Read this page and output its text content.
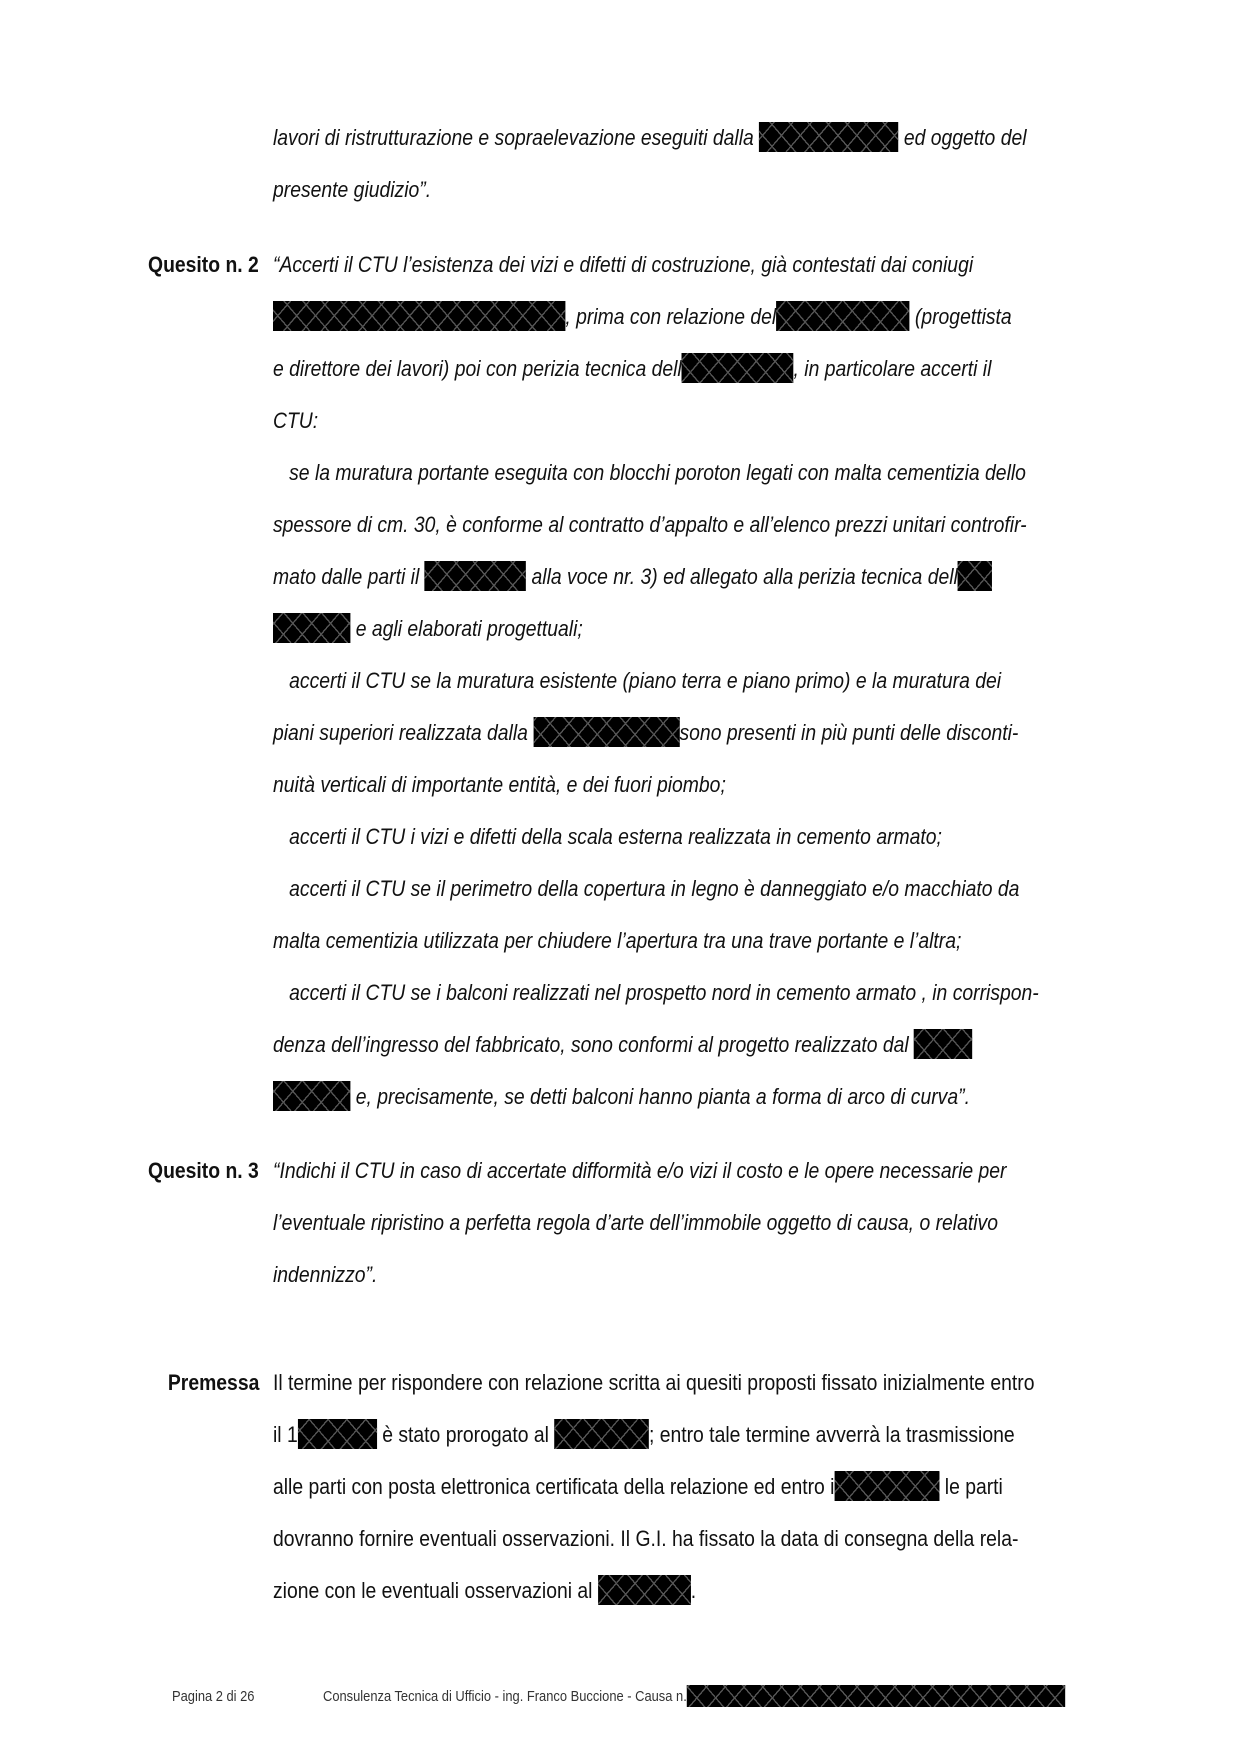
lavori di ristrutturazione e sopraelevazione eseguiti dalla	ed oggetto del
presente giudizio”.
Quesito n. 2 “Accerti il CTU l’esistenza dei vizi e difetti di costruzione, già contestati dai coniugi
, prima con relazione del	(progettista
e direttore dei lavori) poi con perizia tecnica dell	, in particolare accerti il
CTU:
se la muratura portante eseguita con blocchi poroton legati con malta cementizia dello
spessore di cm. 30, è conforme al contratto d’appalto e all’elenco prezzi unitari controfir-
mato dalle parti il	alla voce nr. 3) ed allegato alla perizia tecnica dell
e agli elaborati progettuali;
accerti il CTU se la muratura esistente (piano terra e piano primo) e la muratura dei
piani superiori realizzata dalla	sono presenti in più punti delle disconti-
nuità verticali di importante entità, e dei fuori piombo;
accerti il CTU i vizi e difetti della scala esterna realizzata in cemento armato;
accerti il CTU se il perimetro della copertura in legno è danneggiato e/o macchiato da
malta cementizia utilizzata per chiudere l’apertura tra una trave portante e l’altra;
accerti il CTU se i balconi realizzati nel prospetto nord in cemento armato , in corrispon-
denza dell’ingresso del fabbricato, sono conformi al progetto realizzato dal
e, precisamente, se detti balconi hanno pianta a forma di arco di curva”.
Quesito n. 3 “Indichi il CTU in caso di accertate difformità e/o vizi il costo e le opere necessarie per
l’eventuale ripristino a perfetta regola d’arte dell’immobile oggetto di causa, o relativo
indennizzo”.
Premessa Il termine per rispondere con relazione scritta ai quesiti proposti fissato inizialmente entro
il 1	è stato prorogato al	; entro tale termine avverrà la trasmissione
alle parti con posta elettronica certificata della relazione ed entro i	le parti
dovranno fornire eventuali osservazioni. Il G.I. ha fissato la data di consegna della rela-
zione con le eventuali osservazioni al	.
Pagina 2 di 26	Consulenza Tecnica di Ufficio - ing. Franco Buccione - Causa n.
